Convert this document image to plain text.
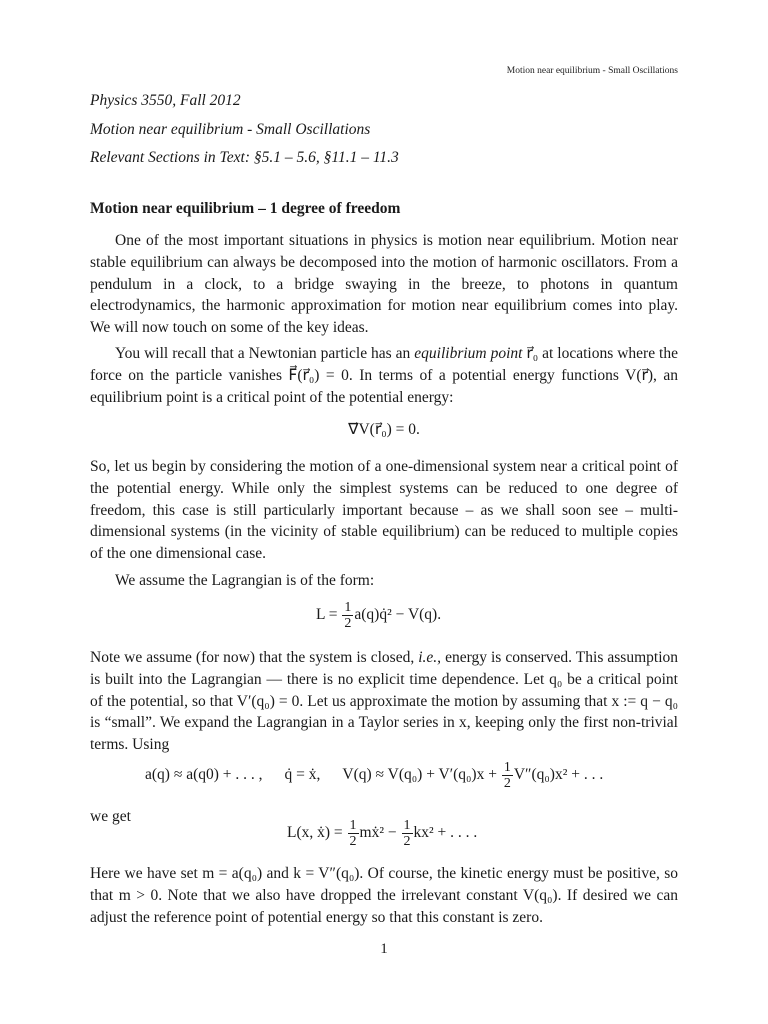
Motion near equilibrium - Small Oscillations
Physics 3550, Fall 2012
Motion near equilibrium - Small Oscillations
Relevant Sections in Text: §5.1 – 5.6, §11.1 – 11.3
Motion near equilibrium – 1 degree of freedom
One of the most important situations in physics is motion near equilibrium. Motion near stable equilibrium can always be decomposed into the motion of harmonic oscillators. From a pendulum in a clock, to a bridge swaying in the breeze, to photons in quantum electrodynamics, the harmonic approximation for motion near equilibrium comes into play. We will now touch on some of the key ideas.
You will recall that a Newtonian particle has an equilibrium point r⃗₀ at locations where the force on the particle vanishes F⃗(r⃗₀) = 0. In terms of a potential energy functions V(r⃗), an equilibrium point is a critical point of the potential energy:
∇⃗V(r⃗₀) = 0.
So, let us begin by considering the motion of a one-dimensional system near a critical point of the potential energy. While only the simplest systems can be reduced to one degree of freedom, this case is still particularly important because – as we shall soon see – multi-dimensional systems (in the vicinity of stable equilibrium) can be reduced to multiple copies of the one dimensional case.
We assume the Lagrangian is of the form:
$L = \frac{1}{2}$ a(q)q̇² − V(q).
Note we assume (for now) that the system is closed, i.e., energy is conserved. This assumption is built into the Lagrangian — there is no explicit time dependence. Let q₀ be a critical point of the potential, so that V′(q₀) = 0. Let us approximate the motion by assuming that x := q − q₀ is “small”. We expand the Lagrangian in a Taylor series in x, keeping only the first non-trivial terms. Using
a(q) ≈ a(q0) + . . . , q̇ = ẋ, $V(q) \approx V(q_0) + V'(q_0)x + \frac{1}{2} V''(q_0)x^2$ + . . .
we get
L(x, ẋ) = $\frac{1}{2}$ mẋ² − $\frac{1}{2} kx^2$ + . . . .
Here we have set m = a(q₀) and k = V″(q₀). Of course, the kinetic energy must be positive, so that m > 0. Note that we also have dropped the irrelevant constant V(q₀). If desired we can adjust the reference point of potential energy so that this constant is zero.
1
